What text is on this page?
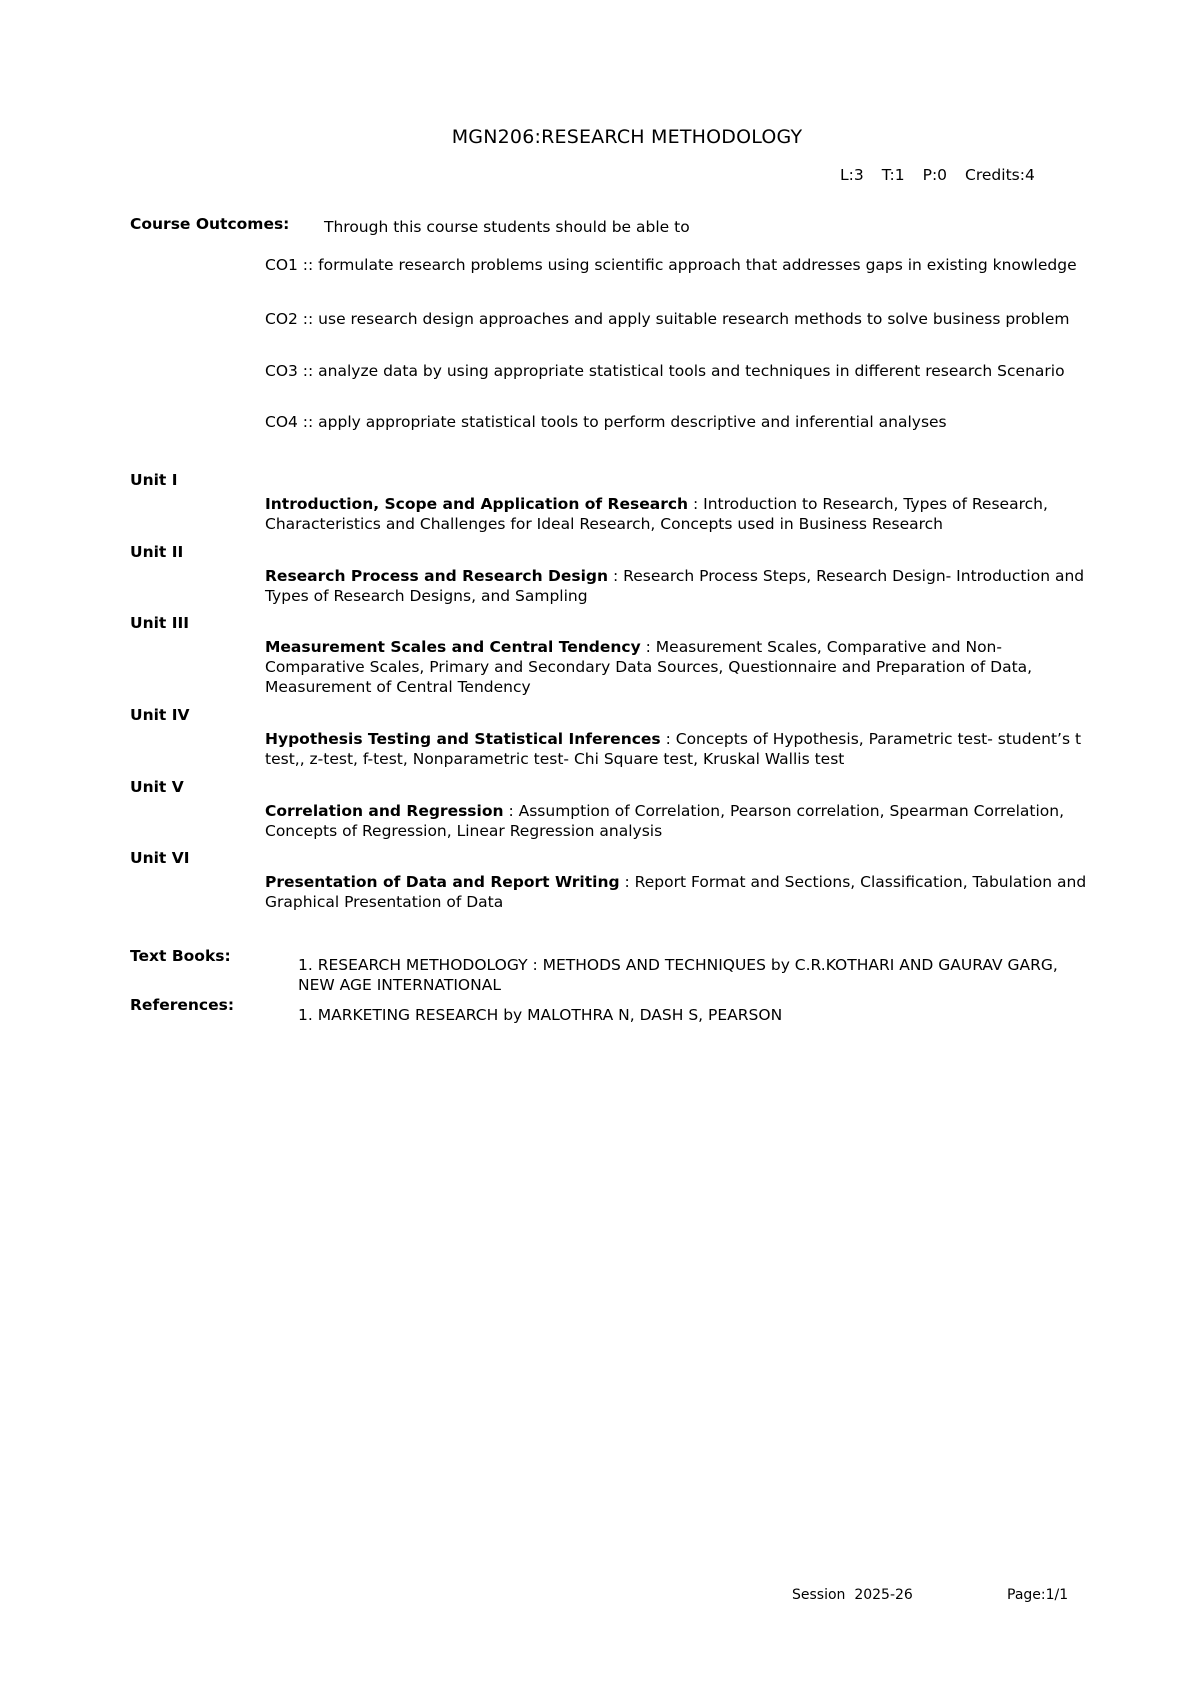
MGN206:RESEARCH METHODOLOGY
L:3 T:1 P:0 Credits:4
Course Outcomes: Through this course students should be able to
CO1 :: formulate research problems using scientific approach that addresses gaps in existing knowledge
CO2 :: use research design approaches and apply suitable research methods to solve business problem
CO3 :: analyze data by using appropriate statistical tools and techniques in different research Scenario
CO4 :: apply appropriate statistical tools to perform descriptive and inferential analyses
Unit I
Introduction, Scope and Application of Research : Introduction to Research, Types of Research, Characteristics and Challenges for Ideal Research, Concepts used in Business Research
Unit II
Research Process and Research Design : Research Process Steps, Research Design- Introduction and Types of Research Designs, and Sampling
Unit III
Measurement Scales and Central Tendency : Measurement Scales, Comparative and Non-Comparative Scales, Primary and Secondary Data Sources, Questionnaire and Preparation of Data, Measurement of Central Tendency
Unit IV
Hypothesis Testing and Statistical Inferences : Concepts of Hypothesis, Parametric test- student’s t test,, z-test, f-test, Nonparametric test- Chi Square test, Kruskal Wallis test
Unit V
Correlation and Regression : Assumption of Correlation, Pearson correlation, Spearman Correlation, Concepts of Regression, Linear Regression analysis
Unit VI
Presentation of Data and Report Writing : Report Format and Sections, Classification, Tabulation and Graphical Presentation of Data
Text Books:	1. RESEARCH METHODOLOGY : METHODS AND TECHNIQUES by C.R.KOTHARI AND GAURAV GARG, NEW AGE INTERNATIONAL
References:
1. MARKETING RESEARCH by MALOTHRA N, DASH S, PEARSON
Session  2025-26	Page:1/1
